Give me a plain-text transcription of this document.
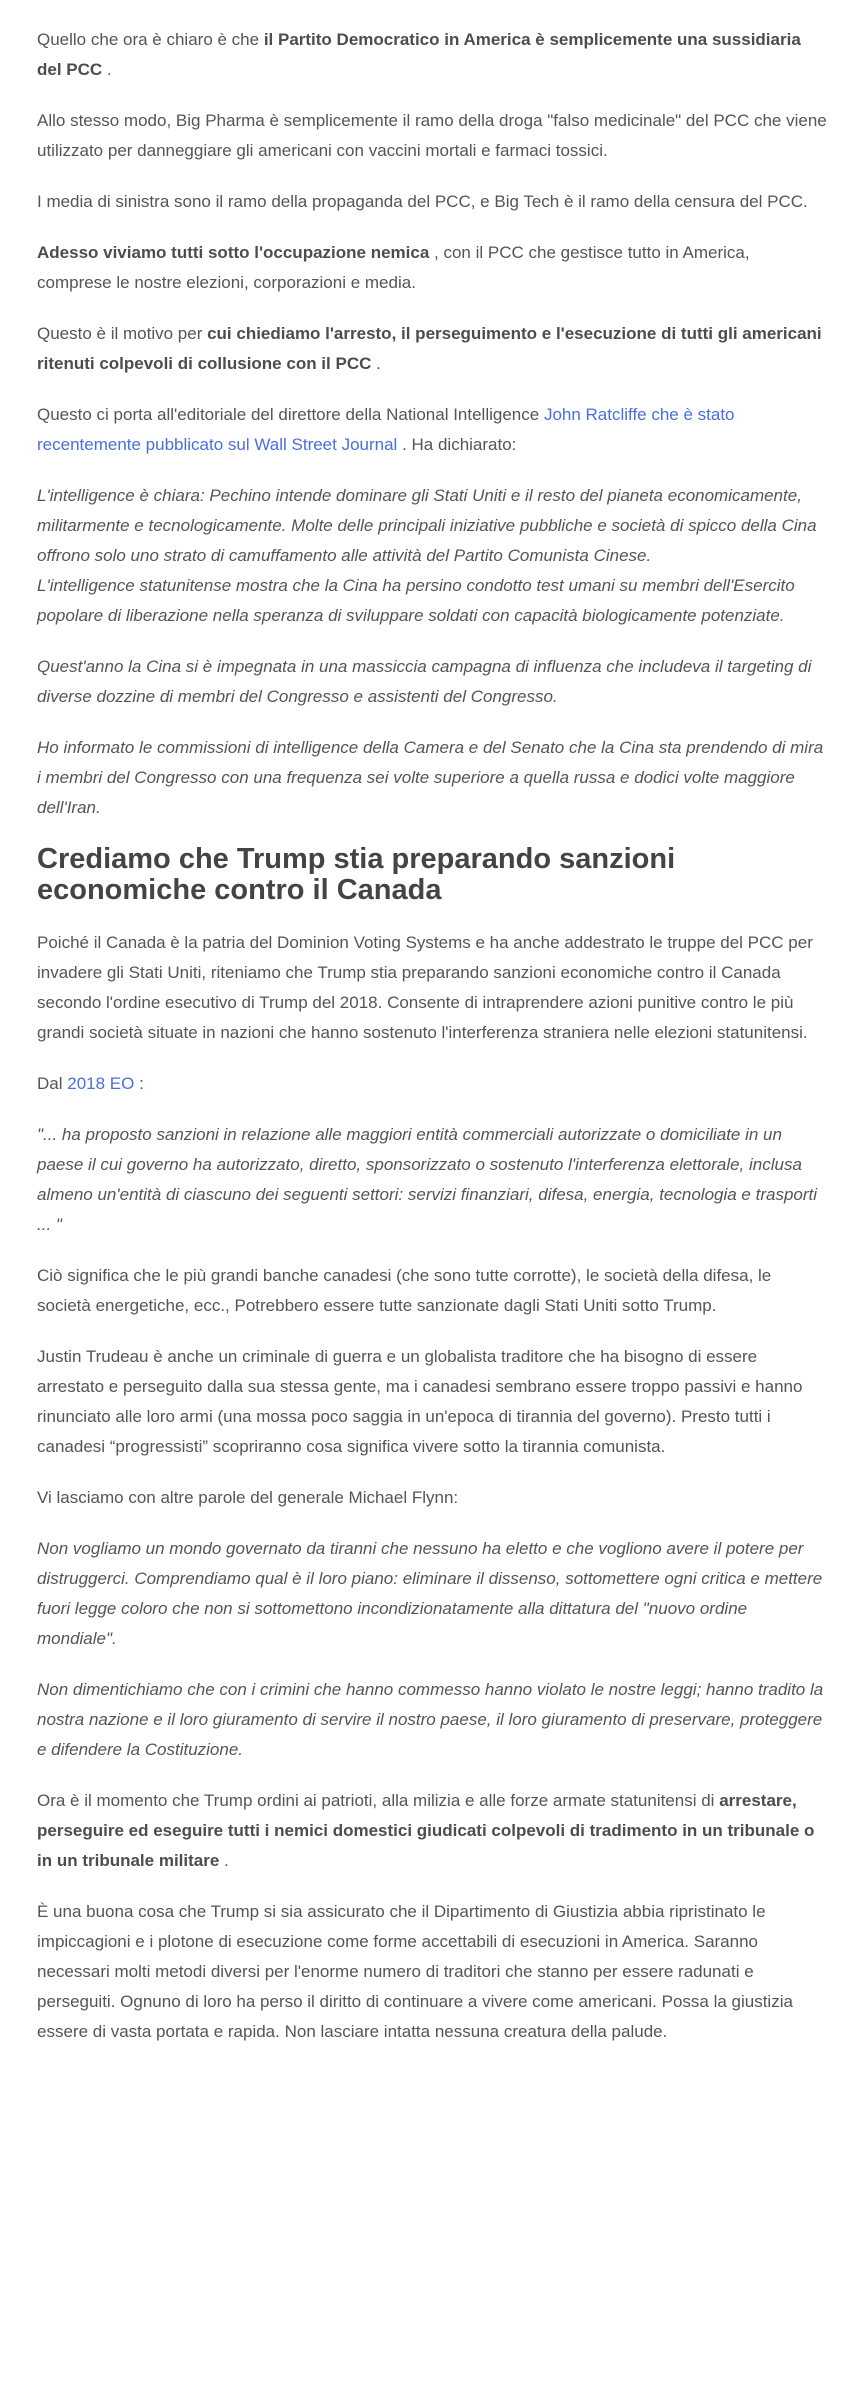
Quello che ora è chiaro è che il Partito Democratico in America è semplicemente una sussidiaria del PCC .

Allo stesso modo, Big Pharma è semplicemente il ramo della droga "falso medicinale" del PCC che viene utilizzato per danneggiare gli americani con vaccini mortali e farmaci tossici.

I media di sinistra sono il ramo della propaganda del PCC, e Big Tech è il ramo della censura del PCC.

Adesso viviamo tutti sotto l'occupazione nemica , con il PCC che gestisce tutto in America, comprese le nostre elezioni, corporazioni e media.

Questo è il motivo per cui chiediamo l'arresto, il perseguimento e l'esecuzione di tutti gli americani ritenuti colpevoli di collusione con il PCC .

Questo ci porta all'editoriale del direttore della National Intelligence John Ratcliffe che è stato recentemente pubblicato sul Wall Street Journal . Ha dichiarato:

L'intelligence è chiara: Pechino intende dominare gli Stati Uniti e il resto del pianeta economicamente, militarmente e tecnologicamente. Molte delle principali iniziative pubbliche e società di spicco della Cina offrono solo uno strato di camuffamento alle attività del Partito Comunista Cinese.
L'intelligence statunitense mostra che la Cina ha persino condotto test umani su membri dell'Esercito popolare di liberazione nella speranza di sviluppare soldati con capacità biologicamente potenziate.

Quest'anno la Cina si è impegnata in una massiccia campagna di influenza che includeva il targeting di diverse dozzine di membri del Congresso e assistenti del Congresso.

Ho informato le commissioni di intelligence della Camera e del Senato che la Cina sta prendendo di mira i membri del Congresso con una frequenza sei volte superiore a quella russa e dodici volte maggiore dell'Iran.

Crediamo che Trump stia preparando sanzioni economiche contro il Canada

Poiché il Canada è la patria del Dominion Voting Systems e ha anche addestrato le truppe del PCC per invadere gli Stati Uniti, riteniamo che Trump stia preparando sanzioni economiche contro il Canada secondo l'ordine esecutivo di Trump del 2018. Consente di intraprendere azioni punitive contro le più grandi società situate in nazioni che hanno sostenuto l'interferenza straniera nelle elezioni statunitensi.

Dal 2018 EO :

"... ha proposto sanzioni in relazione alle maggiori entità commerciali autorizzate o domiciliate in un paese il cui governo ha autorizzato, diretto, sponsorizzato o sostenuto l'interferenza elettorale, inclusa almeno un'entità di ciascuno dei seguenti settori: servizi finanziari, difesa, energia, tecnologia e trasporti ... "

Ciò significa che le più grandi banche canadesi (che sono tutte corrotte), le società della difesa, le società energetiche, ecc., Potrebbero essere tutte sanzionate dagli Stati Uniti sotto Trump.

Justin Trudeau è anche un criminale di guerra e un globalista traditore che ha bisogno di essere arrestato e perseguito dalla sua stessa gente, ma i canadesi sembrano essere troppo passivi e hanno rinunciato alle loro armi (una mossa poco saggia in un'epoca di tirannia del governo). Presto tutti i canadesi “progressisti” scopriranno cosa significa vivere sotto la tirannia comunista.

Vi lasciamo con altre parole del generale Michael Flynn:

Non vogliamo un mondo governato da tiranni che nessuno ha eletto e che vogliono avere il potere per distruggerci. Comprendiamo qual è il loro piano: eliminare il dissenso, sottomettere ogni critica e mettere fuori legge coloro che non si sottomettono incondizionatamente alla dittatura del "nuovo ordine mondiale".

Non dimentichiamo che con i crimini che hanno commesso hanno violato le nostre leggi; hanno tradito la nostra nazione e il loro giuramento di servire il nostro paese, il loro giuramento di preservare, proteggere e difendere la Costituzione.

Ora è il momento che Trump ordini ai patrioti, alla milizia e alle forze armate statunitensi di arrestare, perseguire ed eseguire tutti i nemici domestici giudicati colpevoli di tradimento in un tribunale o in un tribunale militare .

È una buona cosa che Trump si sia assicurato che il Dipartimento di Giustizia abbia ripristinato le impiccagioni e i plotone di esecuzione come forme accettabili di esecuzioni in America. Saranno necessari molti metodi diversi per l'enorme numero di traditori che stanno per essere radunati e perseguiti. Ognuno di loro ha perso il diritto di continuare a vivere come americani. Possa la giustizia essere di vasta portata e rapida. Non lasciare intatta nessuna creatura della palude.
